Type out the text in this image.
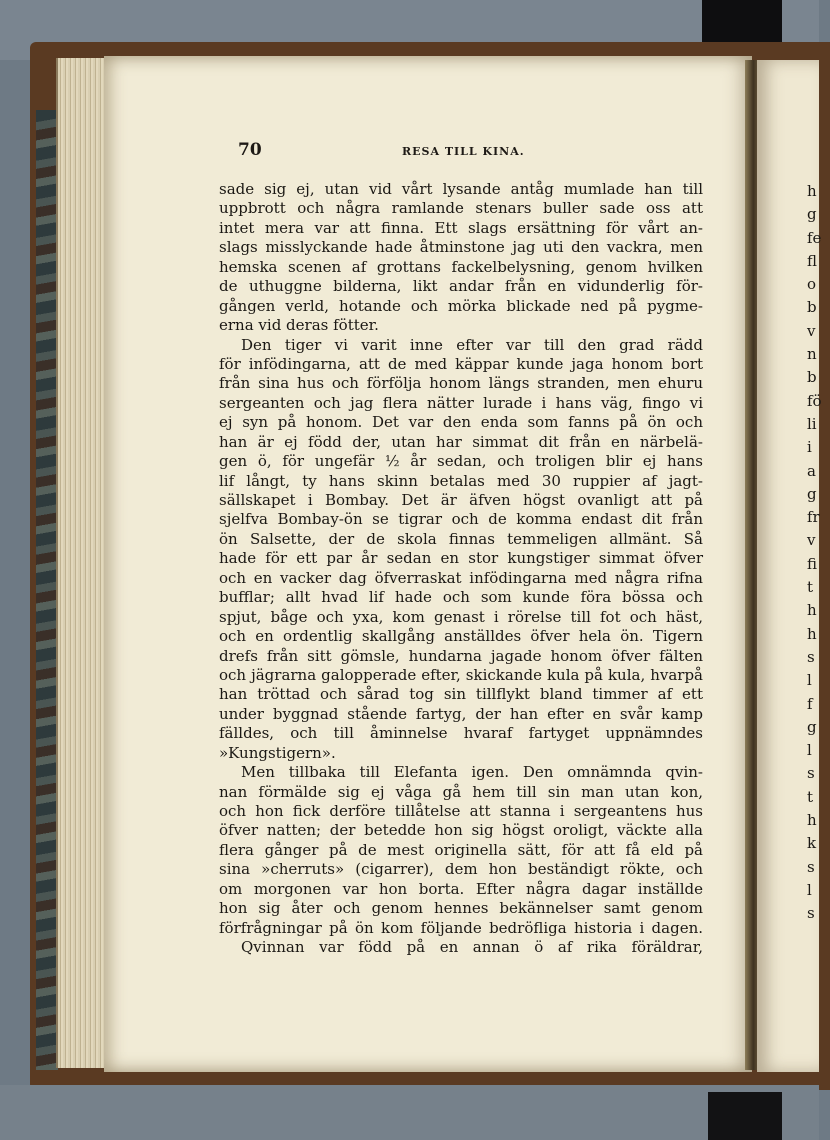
h
g
fe
fl
o
b
v
n
b
fö
li
i
a
g
fr
v
fi
t
h
h
s
l
f
g
l
s
t
h
k
s
l
s
70	RESA TILL KINA.
sade sig ej, utan vid vårt lysande antåg mumlade han till
uppbrott och några ramlande stenars buller sade oss att
intet mera var att finna. Ett slags ersättning för vårt an-
slags misslyckande hade åtminstone jag uti den vackra, men
hemska scenen af grottans fackelbelysning, genom hvilken
de uthuggne bilderna, likt andar från en vidunderlig för-
gången verld, hotande och mörka blickade ned på pygme-
erna vid deras fötter.
Den tiger vi varit inne efter var till den grad rädd
för infödingarna, att de med käppar kunde jaga honom bort
från sina hus och förfölja honom längs stranden, men ehuru
sergeanten och jag flera nätter lurade i hans väg, fingo vi
ej syn på honom. Det var den enda som fanns på ön och
han är ej född der, utan har simmat dit från en närbelä-
gen ö, för ungefär ½ år sedan, och troligen blir ej hans
lif långt, ty hans skinn betalas med 30 ruppier af jagt-
sällskapet i Bombay. Det är äfven högst ovanligt att på
sjelfva Bombay-ön se tigrar och de komma endast dit från
ön Salsette, der de skola finnas temmeligen allmänt. Så
hade för ett par år sedan en stor kungstiger simmat öfver
och en vacker dag öfverraskat infödingarna med några rifna
bufflar; allt hvad lif hade och som kunde föra bössa och
spjut, båge och yxa, kom genast i rörelse till fot och häst,
och en ordentlig skallgång anställdes öfver hela ön. Tigern
drefs från sitt gömsle, hundarna jagade honom öfver fälten
och jägrarna galopperade efter, skickande kula på kula, hvarpå
han tröttad och sårad tog sin tillflykt bland timmer af ett
under byggnad stående fartyg, der han efter en svår kamp
fälldes, och till åminnelse hvaraf fartyget uppnämndes
»Kungstigern».
Men tillbaka till Elefanta igen. Den omnämnda qvin-
nan förmälde sig ej våga gå hem till sin man utan kon,
och hon fick derföre tillåtelse att stanna i sergeantens hus
öfver natten; der betedde hon sig högst oroligt, väckte alla
flera gånger på de mest originella sätt, för att få eld på
sina »cherruts» (cigarrer), dem hon beständigt rökte, och
om morgonen var hon borta. Efter några dagar inställde
hon sig åter och genom hennes bekännelser samt genom
förfrågningar på ön kom följande bedröfliga historia i dagen.
Qvinnan var född på en annan ö af rika föräldrar,
